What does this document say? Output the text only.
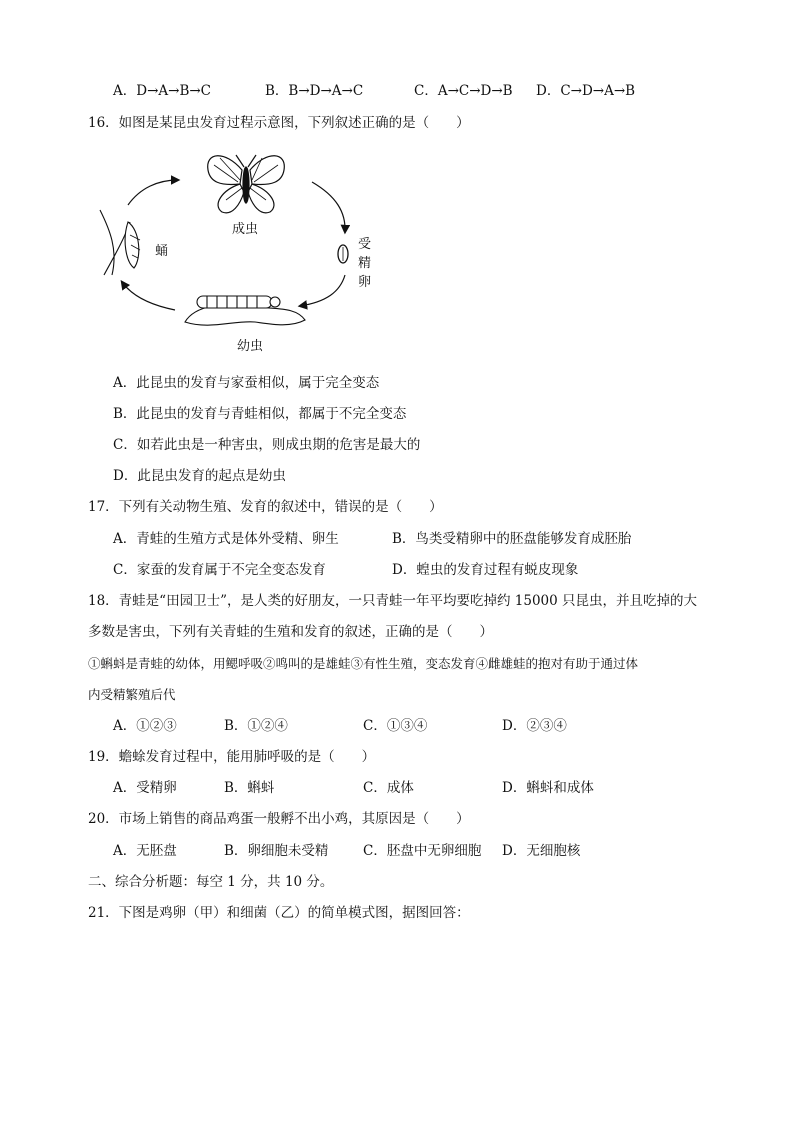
A．D→A→B→C	B．B→D→A→C	C．A→C→D→B D．C→D→A→B
16．如图是某昆虫发育过程示意图，下列叙述正确的是（　　）
成虫
蛹	受精卵
幼虫
A．此昆虫的发育与家蚕相似，属于完全变态
B．此昆虫的发育与青蛙相似，都属于不完全变态
C．如若此虫是一种害虫，则成虫期的危害是最大的
D．此昆虫发育的起点是幼虫
17．下列有关动物生殖、发育的叙述中，错误的是（　　）
A．青蛙的生殖方式是体外受精、卵生	B．鸟类受精卵中的胚盘能够发育成胚胎
C．家蚕的发育属于不完全变态发育	D．蝗虫的发育过程有蜕皮现象
18．青蛙是“田园卫士”，是人类的好朋友，一只青蛙一年平均要吃掉约 15000 只昆虫，并且吃掉的大
多数是害虫，下列有关青蛙的生殖和发育的叙述，正确的是（　　）
①蝌蚪是青蛙的幼体，用鳃呼吸②鸣叫的是雄蛙③有性生殖，变态发育④雌雄蛙的抱对有助于通过体
内受精繁殖后代
A．①②③	B．①②④	C．①③④	D．②③④
19．蟾蜍发育过程中，能用肺呼吸的是（　　）
A．受精卵	B．蝌蚪	C．成体	D．蝌蚪和成体
20．市场上销售的商品鸡蛋一般孵不出小鸡，其原因是（　　）
A．无胚盘	B．卵细胞未受精	C．胚盘中无卵细胞 D．无细胞核
二、综合分析题：每空 1 分，共 10 分。
21．下图是鸡卵（甲）和细菌（乙）的简单模式图，据图回答：
